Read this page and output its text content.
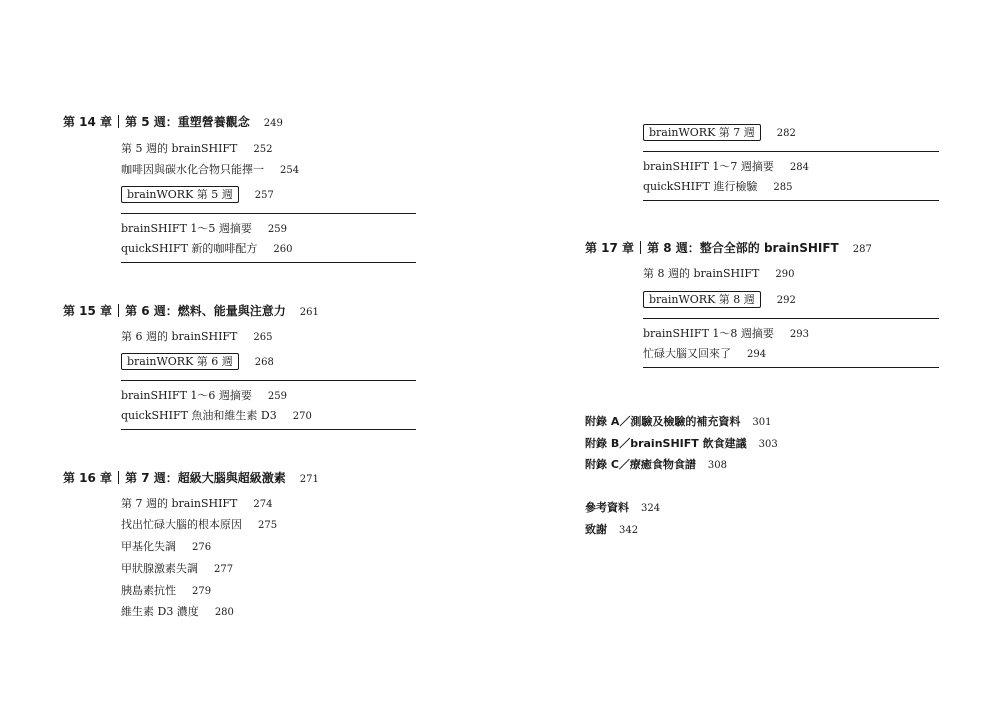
第 14 章 第 5 週：重塑營養觀念 249
第 5 週的 brainSHIFT 252
咖啡因與碳水化合物只能擇一 254
brainWORK 第 5 週 257
brainSHIFT 1～5 週摘要 259
quickSHIFT 新的咖啡配方 260
第 15 章 第 6 週：燃料、能量與注意力 261
第 6 週的 brainSHIFT 265
brainWORK 第 6 週 268
brainSHIFT 1～6 週摘要 259
quickSHIFT 魚油和維生素 D3 270
第 16 章 第 7 週：超級大腦與超級激素 271
第 7 週的 brainSHIFT 274
找出忙碌大腦的根本原因 275
甲基化失調 276
甲狀腺激素失調 277
胰島素抗性 279
維生素 D3 濃度 280
brainWORK 第 7 週 282
brainSHIFT 1～7 週摘要 284
quickSHIFT 進行檢驗 285
第 17 章 第 8 週：整合全部的 brainSHIFT 287
第 8 週的 brainSHIFT 290
brainWORK 第 8 週 292
brainSHIFT 1～8 週摘要 293
忙碌大腦又回來了 294
附錄 A／測驗及檢驗的補充資料 301
附錄 B／brainSHIFT 飲食建議 303
附錄 C／療癒食物食譜 308
參考資料 324
致謝 342
